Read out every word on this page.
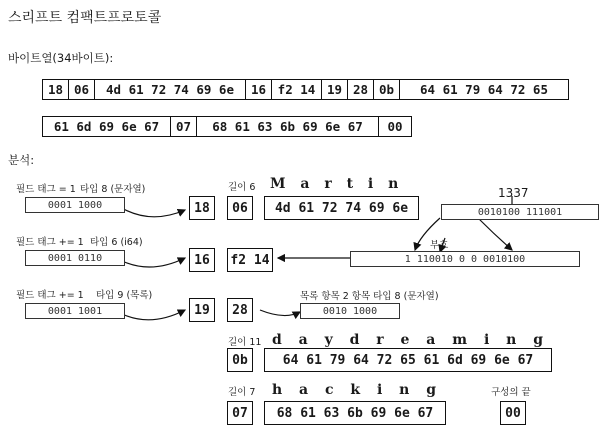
스리프트 컴팩트프로토콜
바이트열(34바이트):
18 06	4d 61 72 74 69 6e	16 f2 14 19 28 0b	64 61 79 64 72 65
61 6d 69 6e 67	07	68 61 63 6b 69 6e 67	00
분석:
필드 태그 = 1 타입 8 (문자열)
0001 1000	18
길이 6
06
M a r t i n
4d 61 72 74 69 6e
1337
0010100 111001
부호
필드 태그 += 1 타입 6 (i64)
0001 0110	16	f2 14	1 110010 0 0 0010100
필드 태그 += 1 타입 9 (목록)
0001 1001	19	28
목록 항목 2 항목 타입 8 (문자열)
0010 1000
길이 11 d a y d r e a m i n g
0b	64 61 79 64 72 65 61 6d 69 6e 67
길이 7 h a c k i n g
07	68 61 63 6b 69 6e 67
구성의 끝
00
